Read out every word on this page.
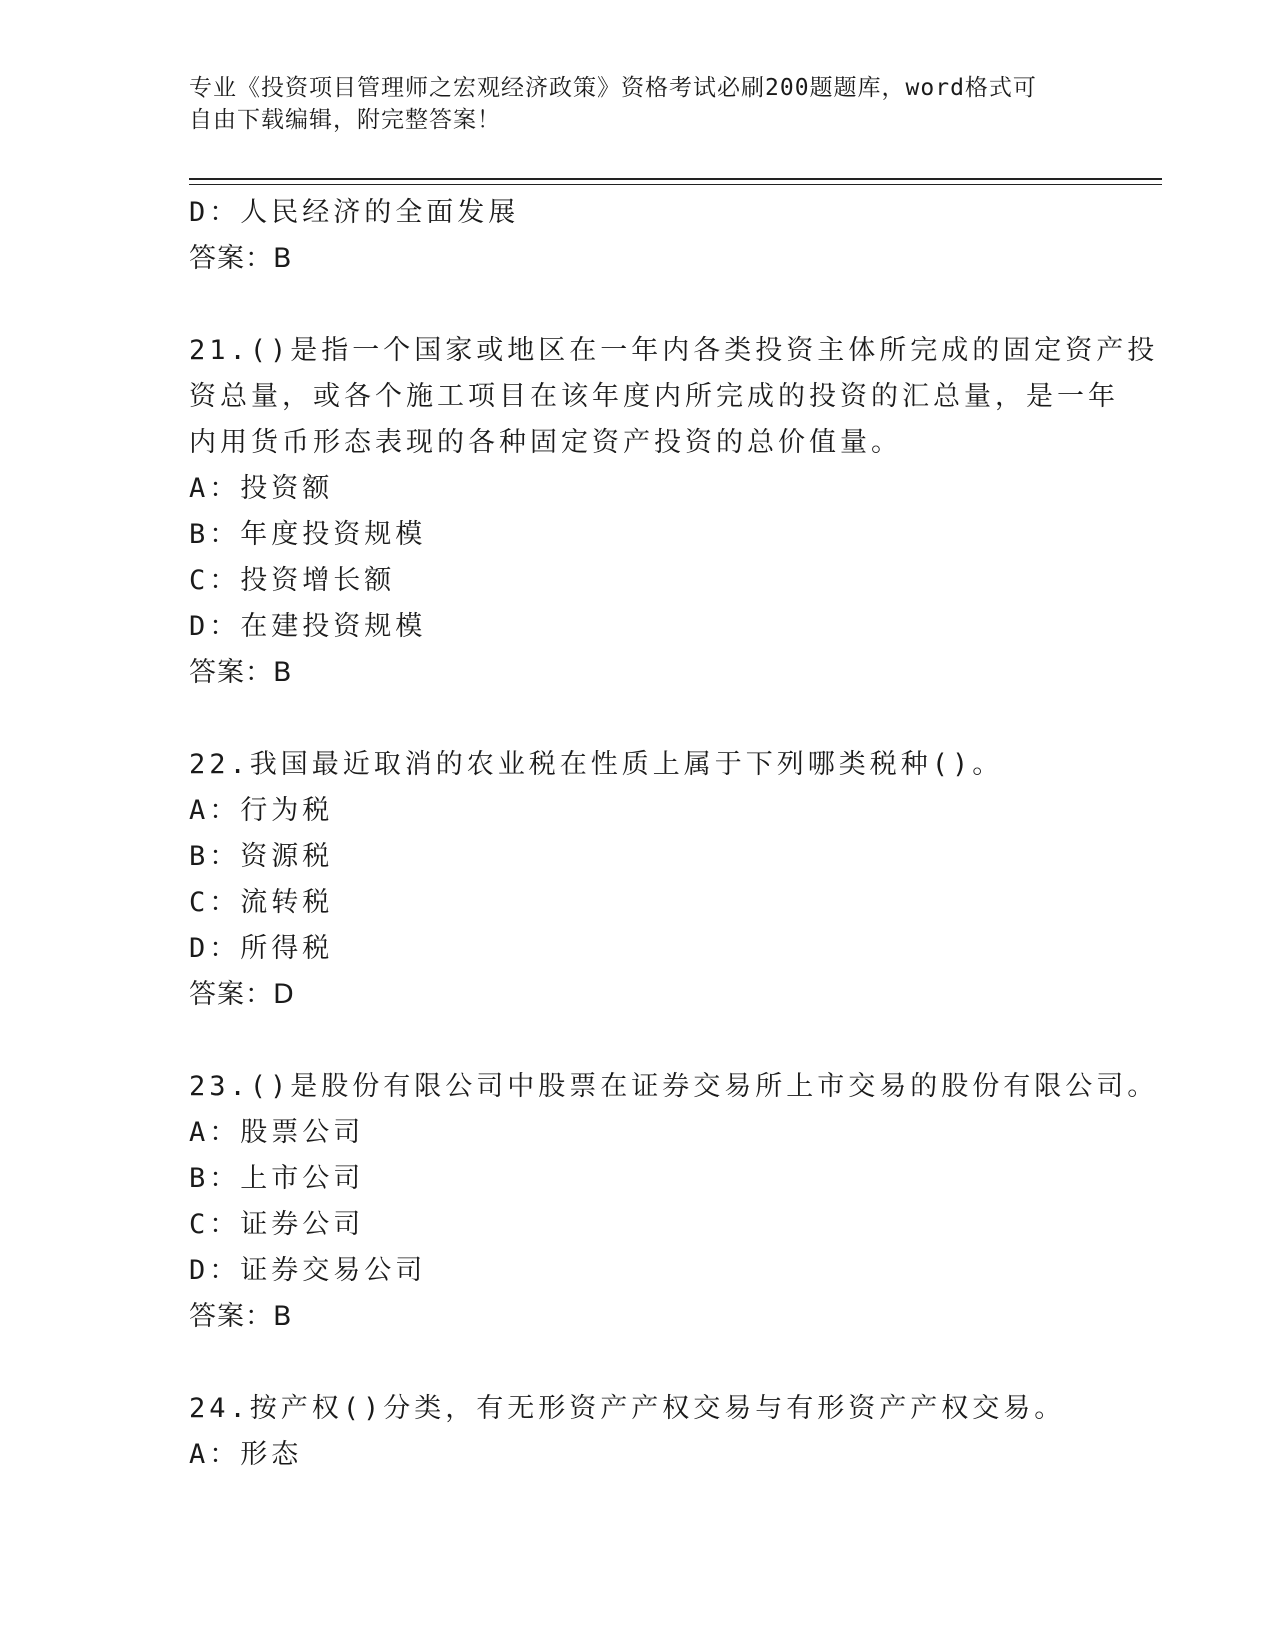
专业《投资项目管理师之宏观经济政策》资格考试必刷200题题库，word格式可
自由下载编辑，附完整答案！
D：人民经济的全面发展
答案：B
21.()是指一个国家或地区在一年内各类投资主体所完成的固定资产投
资总量，或各个施工项目在该年度内所完成的投资的汇总量，是一年
内用货币形态表现的各种固定资产投资的总价值量。
A：投资额
B：年度投资规模
C：投资增长额
D：在建投资规模
答案：B
22.我国最近取消的农业税在性质上属于下列哪类税种()。
A：行为税
B：资源税
C：流转税
D：所得税
答案：D
23.()是股份有限公司中股票在证券交易所上市交易的股份有限公司。
A：股票公司
B：上市公司
C：证券公司
D：证券交易公司
答案：B
24.按产权()分类，有无形资产产权交易与有形资产产权交易。
A：形态
